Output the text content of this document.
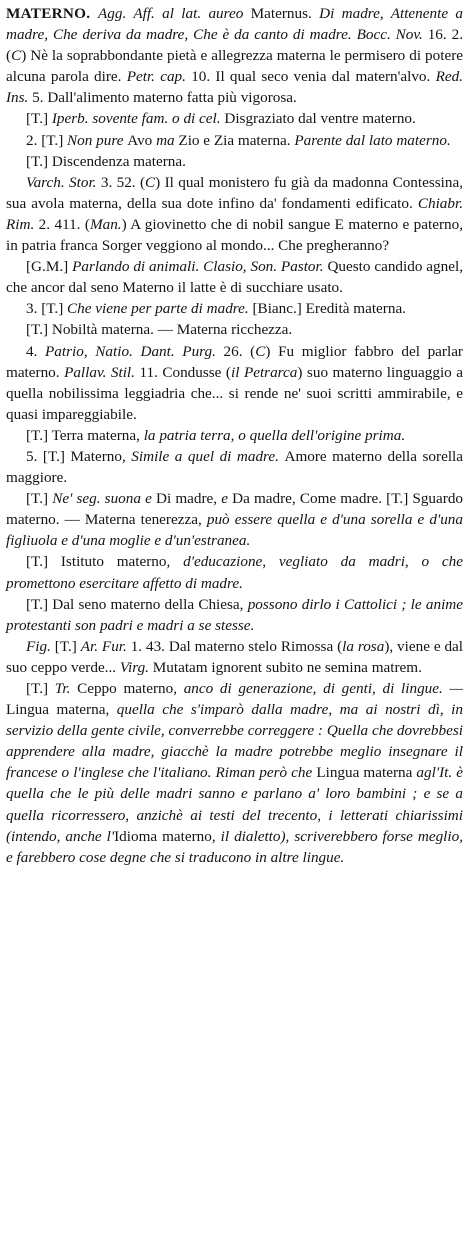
MATERNO. Agg. Aff. al lat. aureo Maternus. Di madre, Attenente a madre, Che deriva da madre, Che è da canto di madre. Bocc. Nov. 16. 2. (C) Nè la soprabbondante pietà e allegrezza materna le permisero di potere alcuna parola dire. Petr. cap. 10. Il qual seco venia dal matern'alvo. Red. Ins. 5. Dall'alimento materno fatta più vigorosa.

[T.] Iperb. sovente fam. o di cel. Disgraziato dal ventre materno.

2. [T.] Non pure Avo ma Zio e Zia materna. Parente dal lato materno.

[T.] Discendenza materna.

Varch. Stor. 3. 52. (C) Il qual monistero fu già da madonna Contessina, sua avola materna, della sua dote infino da' fondamenti edificato. Chiabr. Rim. 2. 411. (Man.) A giovinetto che di nobil sangue E materno e paterno, in patria franca Sorger veggiono al mondo... Che pregheranno?

[G.M.] Parlando di animali. Clasio, Son. Pastor. Questo candido agnel, che ancor dal seno Materno il latte è di succhiare usato.

3. [T.] Che viene per parte di madre. [Bianc.] Eredità materna.

[T.] Nobiltà materna. — Materna ricchezza.

4. Patrio, Natio. Dant. Purg. 26. (C) Fu miglior fabbro del parlar materno. Pallav. Stil. 11. Condusse (il Petrarca) suo materno linguaggio a quella nobilissima leggiadria che... si rende ne' suoi scritti ammirabile, e quasi impareggiabile.

[T.] Terra materna, la patria terra, o quella dell'origine prima.

5. [T.] Materno, Simile a quel di madre. Amore materno della sorella maggiore.

[T.] Ne' seg. suona e Di madre, e Da madre, Come madre. [T.] Sguardo materno. — Materna tenerezza, può essere quella e d'una sorella e d'una figliuola e d'una moglie e d'un'estranea.

[T.] Istituto materno, d'educazione, vegliato da madri, o che promettono esercitare affetto di madre.

[T.] Dal seno materno della Chiesa, possono dirlo i Cattolici ; le anime protestanti son padri e madri a se stesse.

Fig. [T.] Ar. Fur. 1. 43. Dal materno stelo Rimossa (la rosa), viene e dal suo ceppo verde... Virg. Mutatam ignorent subito ne semina matrem.

[T.] Tr. Ceppo materno, anco di generazione, di genti, di lingue. — Lingua materna, quella che s'imparò dalla madre, ma ai nostri dì, in servizio della gente civile, converrebbe correggere : Quella che dovrebbesi apprendere alla madre, giacchè la madre potrebbe meglio insegnare il francese o l'inglese che l'italiano. Riman però che Lingua materna agl'It. è quella che le più delle madri sanno e parlano a' loro bambini ; e se a quella ricorressero, anzichè ai testi del trecento, i letterati chiarissimi (intendo, anche l'Idioma materno, il dialetto), scriverebbero forse meglio, e farebbero cose degne che si traducono in altre lingue.
